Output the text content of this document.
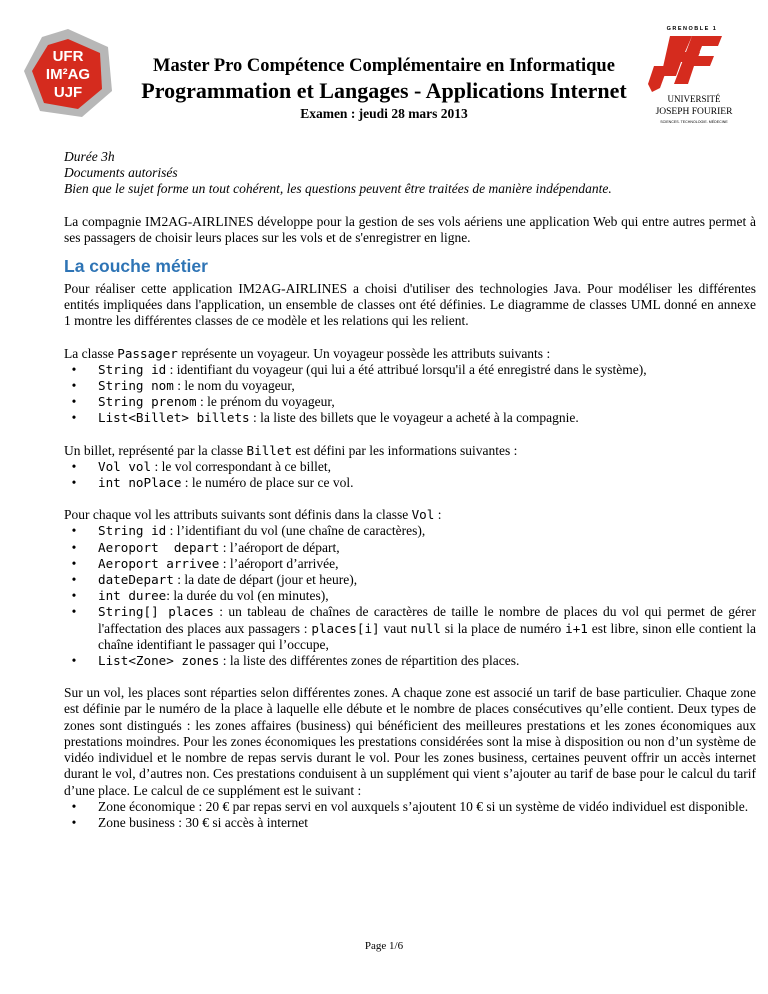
UFR
IM²AG
UJF
GRENOBLE 1
UNIVERSITÉ
JOSEPH FOURIER
SCIENCES. TECHNOLOGIE. MÉDECINE
Master Pro Compétence Complémentaire en Informatique
Programmation et Langages - Applications Internet
Examen : jeudi 28 mars 2013

Durée 3h

Documents autorisés

Bien que le sujet forme un tout cohérent, les questions peuvent être traitées de manière indépendante.

La compagnie IM2AG-AIRLINES développe pour la gestion de ses vols aériens une application Web qui entre autres permet à ses passagers de choisir leurs places sur les vols et de s'enregistrer en ligne.

La couche métier

Pour réaliser cette application IM2AG-AIRLINES a choisi d'utiliser des technologies Java. Pour modéliser les différentes entités impliquées dans l'application, un ensemble de classes ont été définies. Le diagramme de classes UML donné en annexe 1 montre les différentes classes de ce modèle et les relations qui les relient.

La classe Passager représente un voyageur. Un voyageur possède les attributs suivants :

•	String id : identifiant du voyageur (qui lui a été attribué lorsqu'il a été enregistré dans le système),
•	String nom : le nom du voyageur,
•	String prenom : le prénom du voyageur,
•	List<Billet> billets : la liste des billets que le voyageur a acheté à la compagnie.

Un billet, représenté par la classe Billet est défini par les informations suivantes :

•	Vol vol : le vol correspondant à ce billet,
•	int noPlace : le numéro de place sur ce vol.

Pour chaque vol les attributs suivants sont définis dans la classe Vol :

•	String id : l’identifiant du vol (une chaîne de caractères),
•	Aeroport  depart : l’aéroport de départ,
•	Aeroport arrivee : l’aéroport d’arrivée,
•	dateDepart : la date de départ (jour et heure),
•	int duree: la durée du vol (en minutes),
•	String[] places : un tableau de chaînes de caractères de taille le nombre de places du vol qui permet de gérer l'affectation des places aux passagers : places[i] vaut null si la place de numéro i+1 est libre, sinon elle contient la chaîne identifiant le passager qui l’occupe,
•	List<Zone> zones : la liste des différentes zones de répartition des places.

Sur un vol, les places sont réparties selon différentes zones. A chaque zone est associé un tarif de base particulier. Chaque zone est définie par le numéro de la place à laquelle elle débute et le nombre de places consécutives qu’elle contient. Deux types de zones sont distingués : les zones affaires (business) qui bénéficient des meilleures prestations et les zones économiques aux prestations moindres. Pour les zones économiques les prestations considérées sont la mise à disposition ou non d’un système de vidéo individuel et le nombre de repas servis durant le vol. Pour les zones business, certaines peuvent offrir un accès internet durant le vol, d’autres non. Ces prestations conduisent à un supplément qui vient s’ajouter au tarif de base pour le calcul du tarif d’une place. Le calcul de ce supplément est le suivant :

•	Zone économique : 20 € par repas servi en vol auxquels s’ajoutent 10 € si un système de vidéo individuel est disponible.
•	Zone business : 30 € si accès à internet
Page 1/6
